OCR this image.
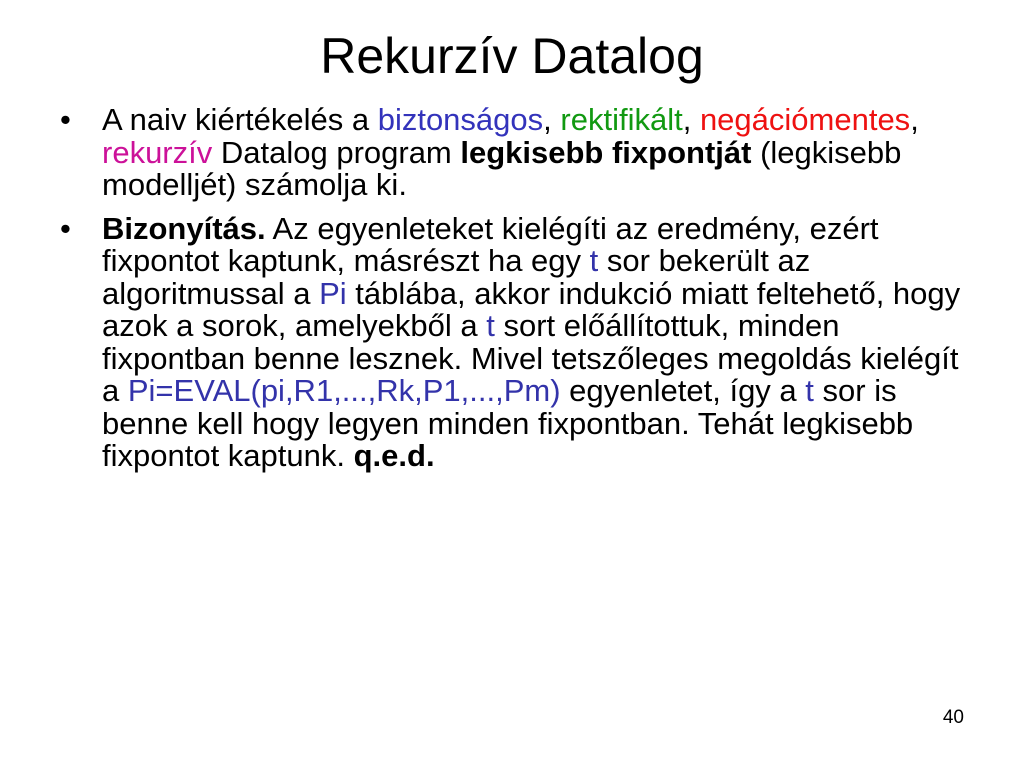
Rekurzív Datalog
•	A naiv kiértékelés a biztonságos, rektifikált, negációmentes, rekurzív Datalog program legkisebb fixpontját (legkisebb modelljét) számolja ki.
•	Bizonyítás. Az egyenleteket kielégíti az eredmény, ezért fixpontot kaptunk, másrészt ha egy t sor bekerült az algoritmussal a Pi táblába, akkor indukció miatt feltehető, hogy azok a sorok, amelyekből a t sort előállítottuk, minden fixpontban benne lesznek. Mivel tetszőleges megoldás kielégít a Pi=EVAL(pi,R1,...,Rk,P1,...,Pm) egyenletet, így a t sor is benne kell hogy legyen minden fixpontban. Tehát legkisebb fixpontot kaptunk. q.e.d.
40
